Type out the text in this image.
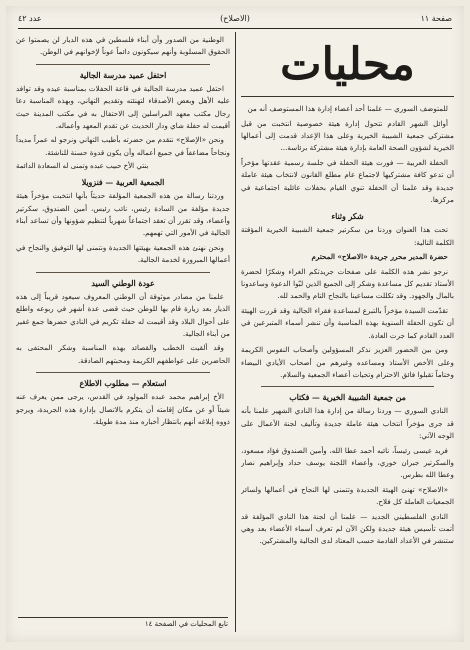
صفحة ١١
(الاصلاح)
عدد ٤٢
محليات

للمتوضف السوري — علمنا أحد أعضاء إدارة هذا المستوصف أنه من

أوائل الشهر القادم تتحول إدارة هيئة خصوصية انتخبت من قبل مشتركي جمعية الشبيبة الخيرية وعلى هذا الإعداد قدمت إلى أعمالها الخيرية لشؤون الصحة العامة بإدارة هيئة مشتركة برئاسة...

الحفلة العربية — فورت هيئة الحفلة في جلسة رسمية عقدتها مؤخراً أن تدعو كافة مشتركيها لاجتماع عام مطلع القانون لانتخاب هيئة عاملة جديدة وقد علمنا أن الحفلة تنوي القيام بحفلات عائلية اجتماعية في مركزها.

شكر وثناء

تحت هذا العنوان وردنا من سكرتير جمعية الشبيبة الخيرية المؤقتة الكلمة التالية:

حضرة المدير محرر جريدة «الاصلاح» المحترم

نرجو نشر هذه الكلمة على صفحات جريدتكم الغراء وشكرًا لحضرة الأستاذ تقديم كل مساعدة وشكر إلى الجميع الذين لبّوا الدعوة وساعدونا بالمال والجهود. وقد تكللت مساعينا بالنجاح التام والحمد لله.

تقدّمت السيدة مؤخراً بالتبرع لمساعدة فقراء الجالية وقد قررت الهيئة أن تكون الحفلة السنوية بهذه المناسبة وأن تنشر أسماء المتبرعين في العدد القادم كما جرت العادة.

ومن بين الحضور العزيز نذكر المسؤولين وأصحاب النفوس الكريمة وعلى الأخص الأستاذ ومساعده وغيرهم من أصحاب الأيادي البيضاء وختاماً تقبلوا فائق الاحترام وتحيات أعضاء الجمعية والسلام.

من جمعية الشبيبة الخيرية — فكتاب

النادي السوري — وردنا رسالة من إدارة هذا النادي الشهير علمنا بأنه قد جرى مؤخراً انتخاب هيئة عاملة جديدة وتأليف لجنة الأعمال على الوجه الآتي:

فريد عيسى رئيساً، نائبه أحمد عطا الله، وأمين الصندوق فؤاد مسعود، والسكرتير جبران خوري، وأعضاء اللجنة يوسف حداد وإبراهيم نصار وعطا الله بطرس.

«الاصلاح» تهنئ الهيئة الجديدة وتتمنى لها النجاح في أعمالها ولسائر الجمعيات العاملة كل فلاح.

النادي الفلسطيني الجديد — علمنا أن لجنة هذا النادي المؤلفة قد أتمت تأسيس هيئة جديدة ولكن الآن لم تعرف أسماء الأعضاء بعد وهي ستنشر في الأعداد القادمة حسب المعتاد لدى الجالية والمشتركين.

الوطنية من الصدور وأن أبناء فلسطين في هذه الديار لن يصمتوا عن الحقوق المسلوبة وأنهم سيكونون دائماً عوناً لإخوانهم في الوطن.

احتفل عميد مدرسة الجالية

احتفل عميد مدرسة الجالية في قاعة الحفلات بمناسبة عيده وقد توافد عليه الأهل وبعض الأصدقاء لتهنئته وتقديم التهاني، وبهذه المناسبة دعا رجال مكتب معهد المراسلين إلى الاحتفال به في مكتب المدينة حيث أقيمت له حفلة شاي ودار الحديث عن تقدم المعهد وأعماله.

ونحن «الإصلاح» نتقدم من حضرته بأطيب التهاني ونرجو له عمراً مديداً ونجاحاً مضاعفاً في جميع أعماله وأن يكون قدوة حسنة للناشئة.

بنتي الأخ حبيب عبده وتمنى له السعادة الدائمة
الجمعية العربية — فنزويلا

وردتنا رسالة من هذه الجمعية المؤلفة حديثاً بأنها انتخبت مؤخراً هيئة جديدة مؤلفة من السادة رئيس، نائب رئيس، أمين الصندوق، سكرتير وأعضاء، وقد تقرر أن تعقد اجتماعاً شهرياً لتنظيم شؤونها وأن تساعد أبناء الجالية في الأمور التي تهمهم.

ونحن نهنئ هذه الجمعية بهيئتها الجديدة ونتمنى لها التوفيق والنجاح في أعمالها المبرورة لخدمة الجالية.

عودة الوطني السيد

علمنا من مصادر موثوقة أن الوطني المعروف سيعود قريباً إلى هذه الديار بعد زيارة قام بها للوطن حيث قضى عدة أشهر في ربوعه واطلع على أحوال البلاد وقد أقيمت له حفلة تكريم في النادي حضرها جمع غفير من أبناء الجالية.

وقد ألقيت الخطب والقصائد بهذه المناسبة وشكر المحتفى به الحاضرين على عواطفهم الكريمة ومحبتهم الصادقة.

استعلام — مطلوب الاطلاع

الأخ إبراهيم محمد عبده المولود في القدس، يرجى ممن يعرف عنه شيئاً أو عن مكان إقامته أن يتكرم بالاتصال بإدارة هذه الجريدة، ويرجو ذووه إبلاغه أنهم بانتظار أخباره منذ مدة طويلة.

تابع المحليات في الصفحة ١٤
